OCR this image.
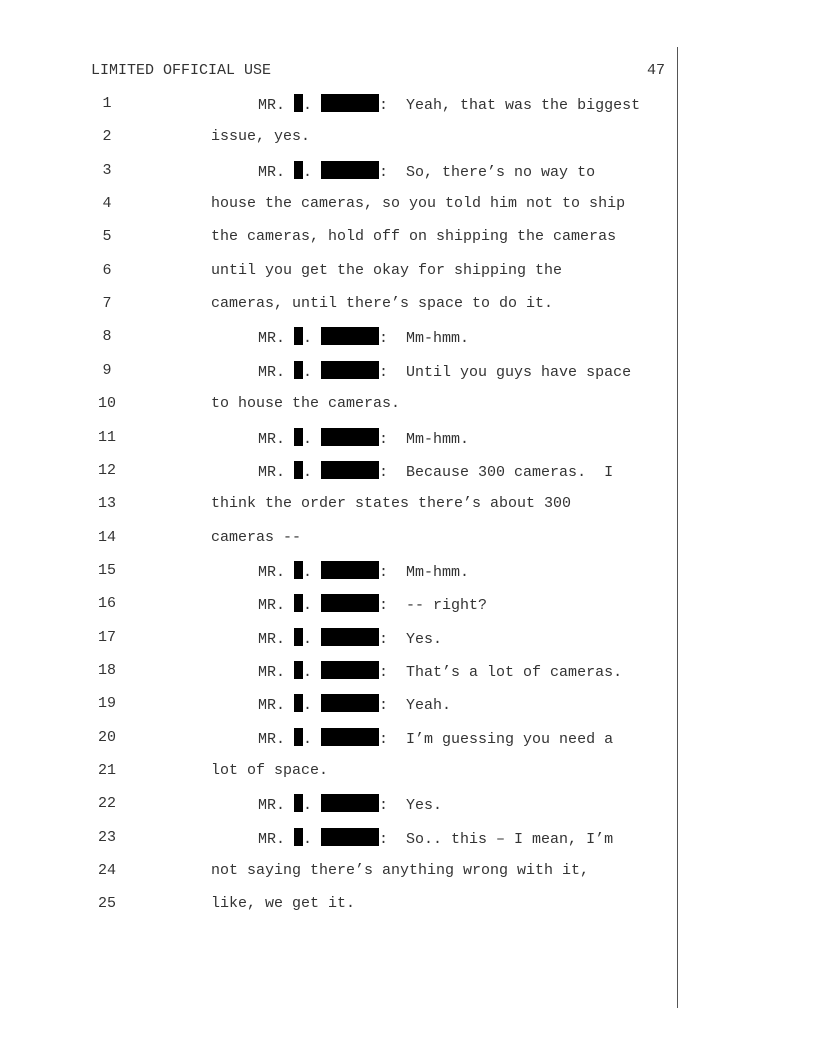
LIMITED OFFICIAL USE	47
1	MR. .	:  Yeah, that was the biggest
2	issue, yes.
3	MR. .	:  So, there’s no way to
4	house the cameras, so you told him not to ship
5	the cameras, hold off on shipping the cameras
6	until you get the okay for shipping the
7	cameras, until there’s space to do it.
8	MR. .	:  Mm-hmm.
9	MR. .	:  Until you guys have space
10	to house the cameras.
11	MR. .	:  Mm-hmm.
12	MR. .	:  Because 300 cameras.  I
13	think the order states there’s about 300
14	cameras --
15	MR. .	:  Mm-hmm.
16	MR. .	:  -- right?
17	MR. .	:  Yes.
18	MR. .	:  That’s a lot of cameras.
19	MR. .	:  Yeah.
20	MR. .	:  I’m guessing you need a
21	lot of space.
22	MR. .	:  Yes.
23	MR. .	:  So.. this – I mean, I’m
24	not saying there’s anything wrong with it,
25	like, we get it.
